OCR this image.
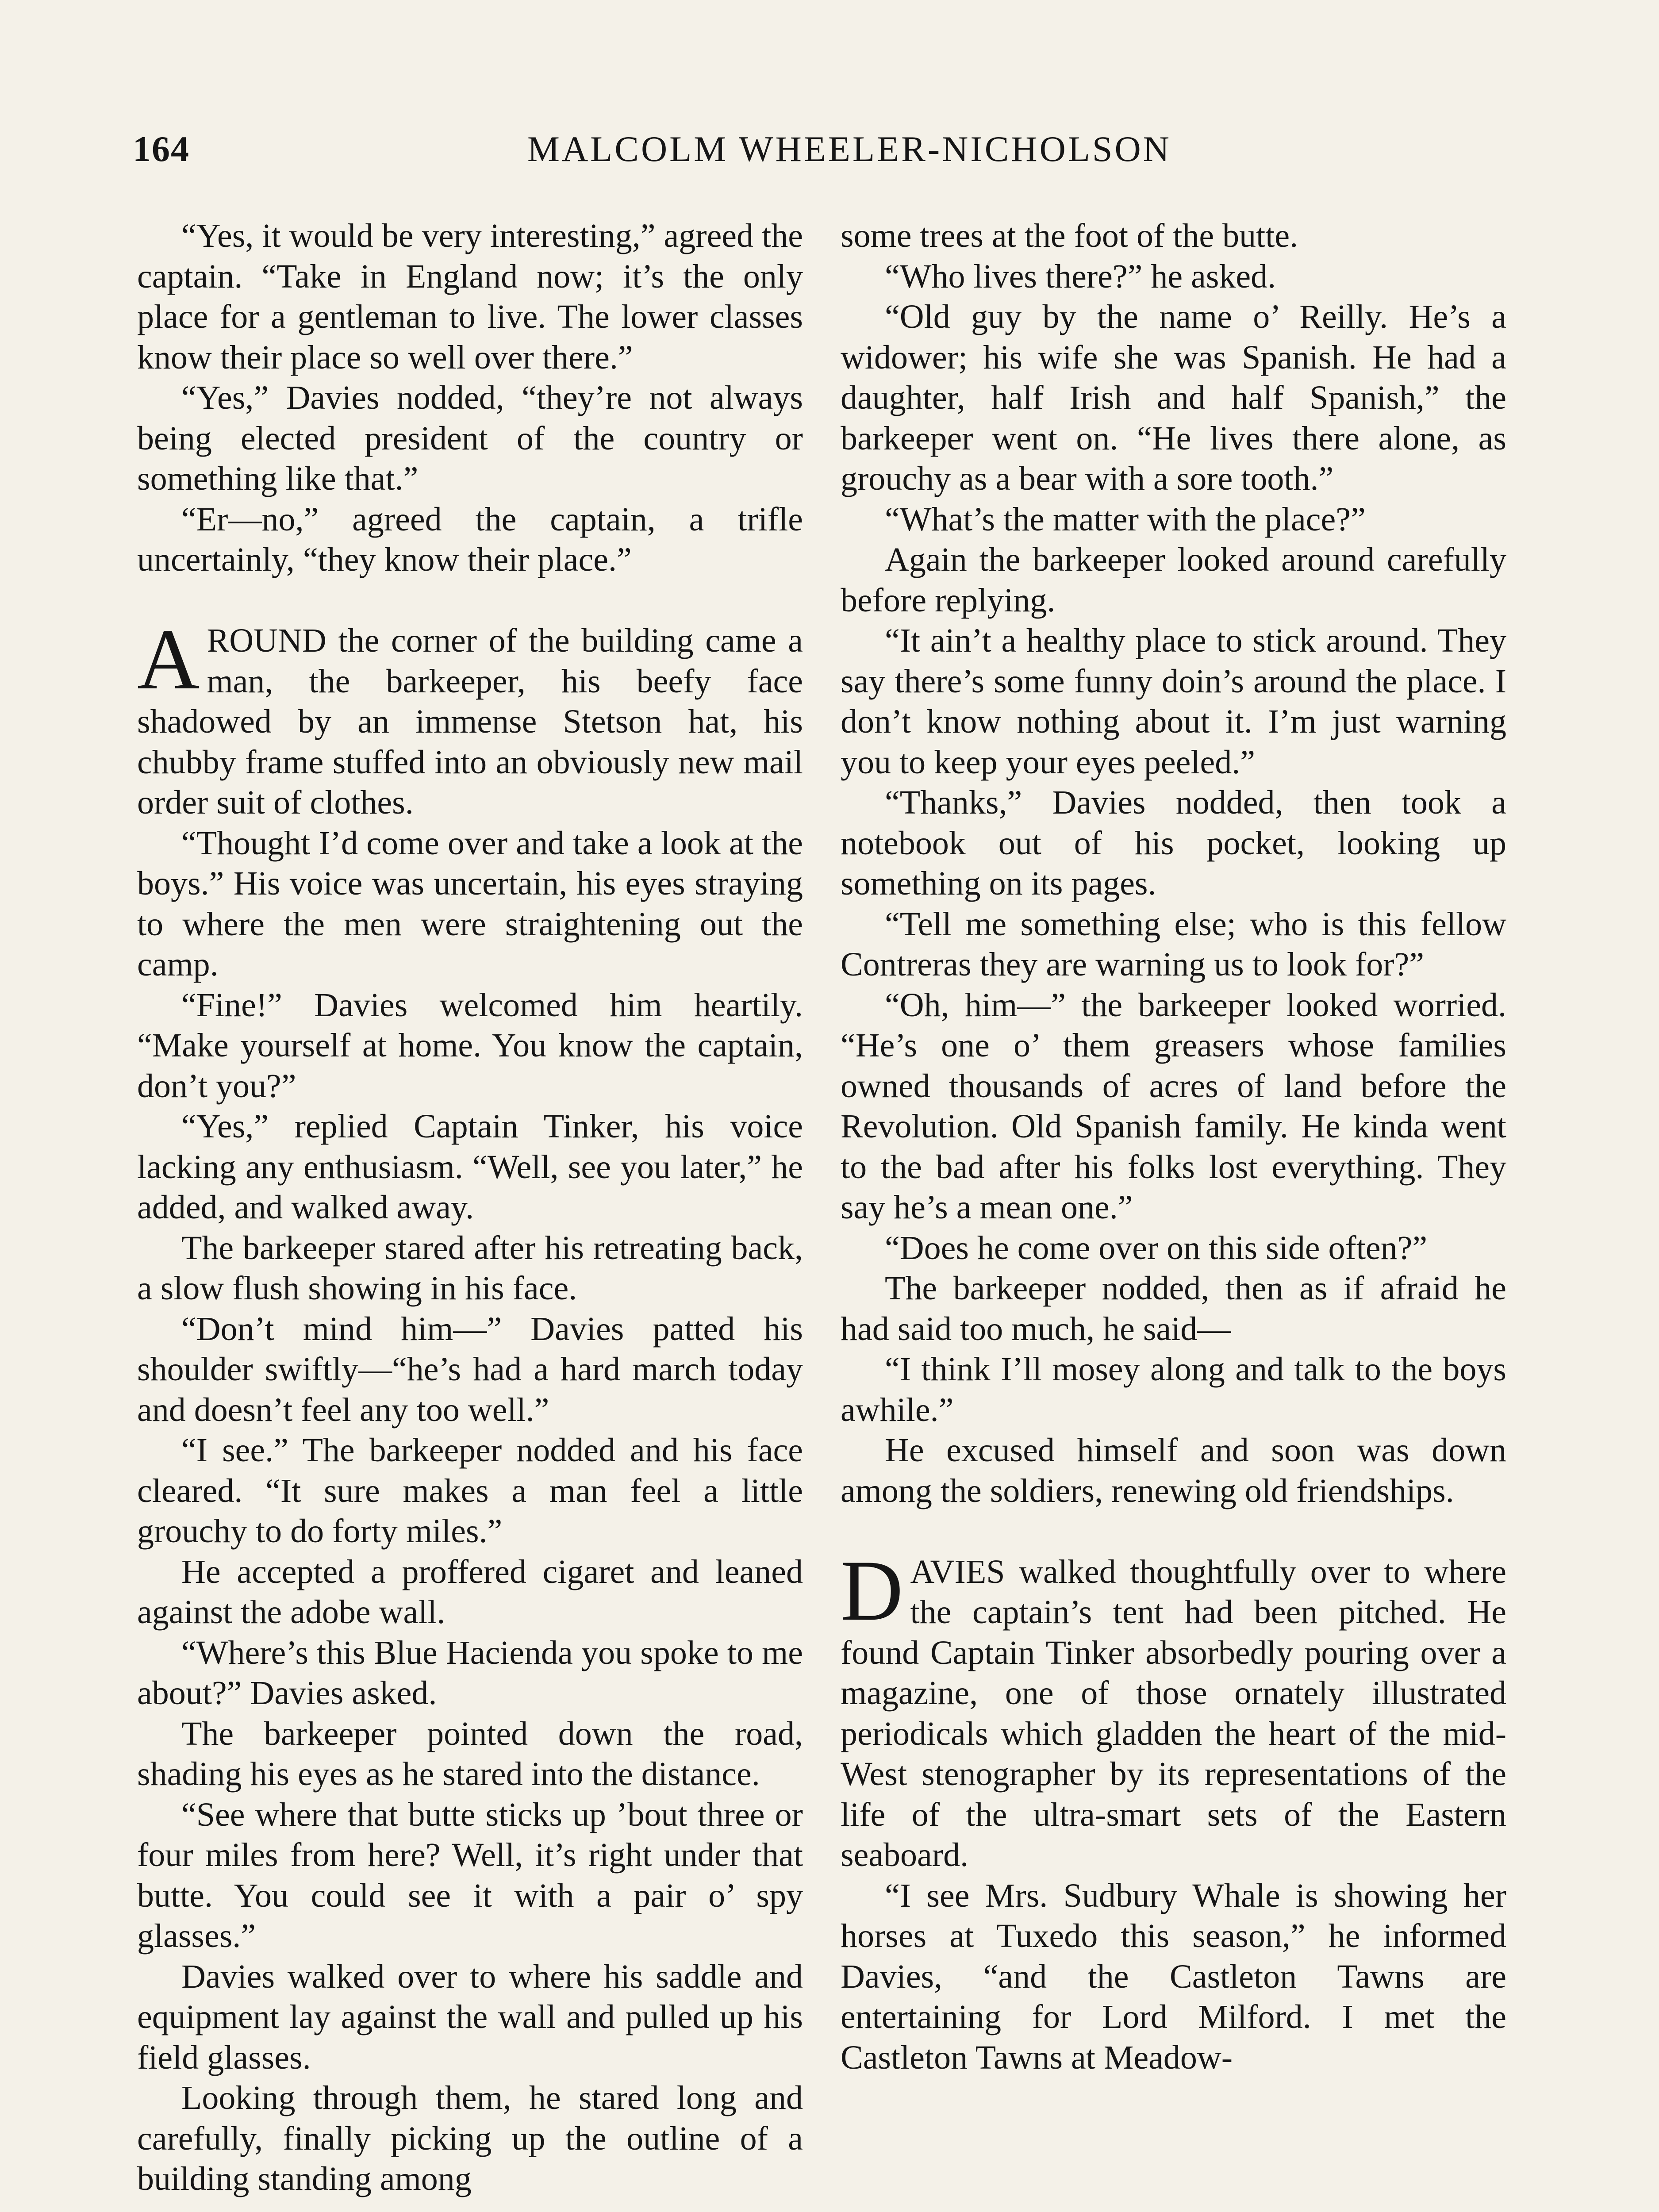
164	MALCOLM WHEELER-NICHOLSON

“Yes, it would be very interesting,” agreed the captain. “Take in England now; it’s the only place for a gentleman to live. The lower classes know their place so well over there.”

“Yes,” Davies nodded, “they’re not always being elected president of the country or something like that.”

“Er—no,” agreed the captain, a trifle uncertainly, “they know their place.”

AROUND the corner of the building came a man, the barkeeper, his beefy face shadowed by an immense Stetson hat, his chubby frame stuffed into an obviously new mail order suit of clothes.

“Thought I’d come over and take a look at the boys.” His voice was uncertain, his eyes straying to where the men were straightening out the camp.

“Fine!” Davies welcomed him heartily. “Make yourself at home. You know the captain, don’t you?”

“Yes,” replied Captain Tinker, his voice lacking any enthusiasm. “Well, see you later,” he added, and walked away.

The barkeeper stared after his retreating back, a slow flush showing in his face.

“Don’t mind him—” Davies patted his shoulder swiftly—“he’s had a hard march today and doesn’t feel any too well.”

“I see.” The barkeeper nodded and his face cleared. “It sure makes a man feel a little grouchy to do forty miles.”

He accepted a proffered cigaret and leaned against the adobe wall.

“Where’s this Blue Hacienda you spoke to me about?” Davies asked.

The barkeeper pointed down the road, shading his eyes as he stared into the distance.

“See where that butte sticks up ’bout three or four miles from here? Well, it’s right under that butte. You could see it with a pair o’ spy glasses.”

Davies walked over to where his saddle and equipment lay against the wall and pulled up his field glasses.

Looking through them, he stared long and carefully, finally picking up the outline of a building standing among

some trees at the foot of the butte.

“Who lives there?” he asked.

“Old guy by the name o’ Reilly. He’s a widower; his wife she was Spanish. He had a daughter, half Irish and half Spanish,” the barkeeper went on. “He lives there alone, as grouchy as a bear with a sore tooth.”

“What’s the matter with the place?”

Again the barkeeper looked around carefully before replying.

“It ain’t a healthy place to stick around. They say there’s some funny doin’s around the place. I don’t know nothing about it. I’m just warning you to keep your eyes peeled.”

“Thanks,” Davies nodded, then took a notebook out of his pocket, looking up something on its pages.

“Tell me something else; who is this fellow Contreras they are warning us to look for?”

“Oh, him—” the barkeeper looked worried. “He’s one o’ them greasers whose families owned thousands of acres of land before the Revolution. Old Spanish family. He kinda went to the bad after his folks lost everything. They say he’s a mean one.”

“Does he come over on this side often?”

The barkeeper nodded, then as if afraid he had said too much, he said—

“I think I’ll mosey along and talk to the boys awhile.”

He excused himself and soon was down among the soldiers, renewing old friendships.

DAVIES walked thoughtfully over to where the captain’s tent had been pitched. He found Captain Tinker absorbedly pouring over a magazine, one of those ornately illustrated periodicals which gladden the heart of the mid-West stenographer by its representations of the life of the ultra-smart sets of the Eastern seaboard.

“I see Mrs. Sudbury Whale is showing her horses at Tuxedo this season,” he informed Davies, “and the Castleton Tawns are entertaining for Lord Milford. I met the Castleton Tawns at Meadow-
